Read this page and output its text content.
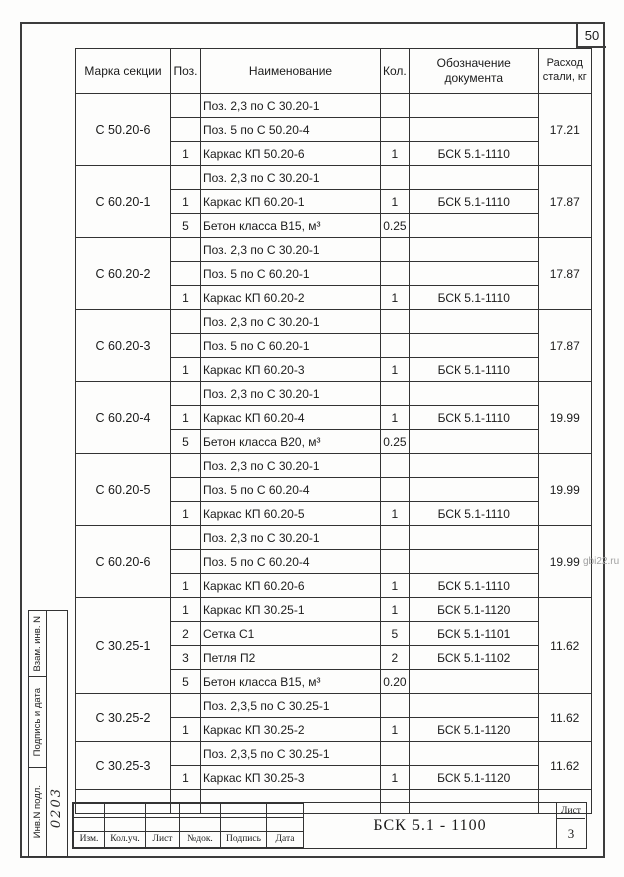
50
Марка секции	Поз.	Наименование	Кол.	Обозначение документа	Расход стали, кг
С 50.20-6		Поз. 2,3 по С 30.20-1			17.21
		Поз. 5 по С 50.20-4			
	1	Каркас КП 50.20-6	1	БСК 5.1-1110	
С 60.20-1		Поз. 2,3 по С 30.20-1			17.87
	1	Каркас КП 60.20-1	1	БСК 5.1-1110	
	5	Бетон класса В15, м³	0.25		
С 60.20-2		Поз. 2,3 по С 30.20-1			17.87
		Поз. 5 по С 60.20-1			
	1	Каркас КП 60.20-2	1	БСК 5.1-1110	
С 60.20-3		Поз. 2,3 по С 30.20-1			17.87
		Поз. 5 по С 60.20-1			
	1	Каркас КП 60.20-3	1	БСК 5.1-1110	
С 60.20-4		Поз. 2,3 по С 30.20-1			19.99
	1	Каркас КП 60.20-4	1	БСК 5.1-1110	
	5	Бетон класса В20, м³	0.25		
С 60.20-5		Поз. 2,3 по С 30.20-1			19.99
		Поз. 5 по С 60.20-4			
	1	Каркас КП 60.20-5	1	БСК 5.1-1110	
С 60.20-6		Поз. 2,3 по С 30.20-1			19.99
		Поз. 5 по С 60.20-4			
	1	Каркас КП 60.20-6	1	БСК 5.1-1110	
С 30.25-1	1	Каркас КП 30.25-1	1	БСК 5.1-1120	11.62
	2	Сетка С1	5	БСК 5.1-1101	
	3	Петля П2	2	БСК 5.1-1102	
	5	Бетон класса В15, м³	0.20		
С 30.25-2		Поз. 2,3,5 по С 30.25-1			11.62
	1	Каркас КП 30.25-2	1	БСК 5.1-1120	
С 30.25-3		Поз. 2,3,5 по С 30.25-1			11.62
	1	Каркас КП 30.25-3	1	БСК 5.1-1120	

Изм.	Кол.уч.	Лист	№док.	Подпись	Дата
БСК 5.1 - 1100
Лист
3
Взам. инв. N
Подпись и дата
Инв.N подл. 0203
gbi22.ru
